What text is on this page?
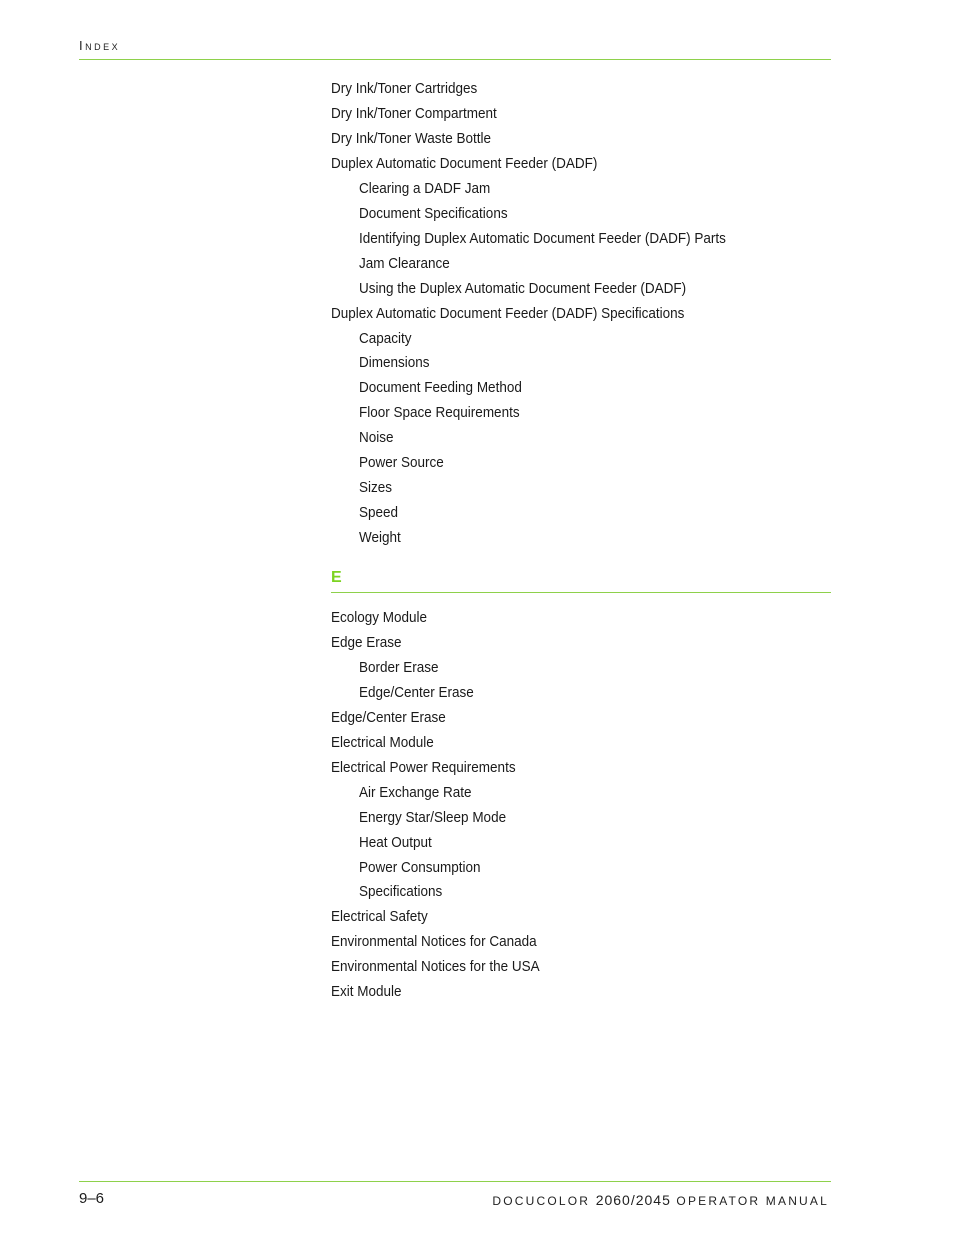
Index
Dry Ink/Toner Cartridges
Dry Ink/Toner Compartment
Dry Ink/Toner Waste Bottle
Duplex Automatic Document Feeder (DADF)
Clearing a DADF Jam
Document Specifications
Identifying Duplex Automatic Document Feeder (DADF) Parts
Jam Clearance
Using the Duplex Automatic Document Feeder (DADF)
Duplex Automatic Document Feeder (DADF) Specifications
Capacity
Dimensions
Document Feeding Method
Floor Space Requirements
Noise
Power Source
Sizes
Speed
Weight
E
Ecology Module
Edge Erase
Border Erase
Edge/Center Erase
Edge/Center Erase
Electrical Module
Electrical Power Requirements
Air Exchange Rate
Energy Star/Sleep Mode
Heat Output
Power Consumption
Specifications
Electrical Safety
Environmental Notices for Canada
Environmental Notices for the USA
Exit Module
9–6	DOCUCOLOR 2060/2045 OPERATOR MANUAL
